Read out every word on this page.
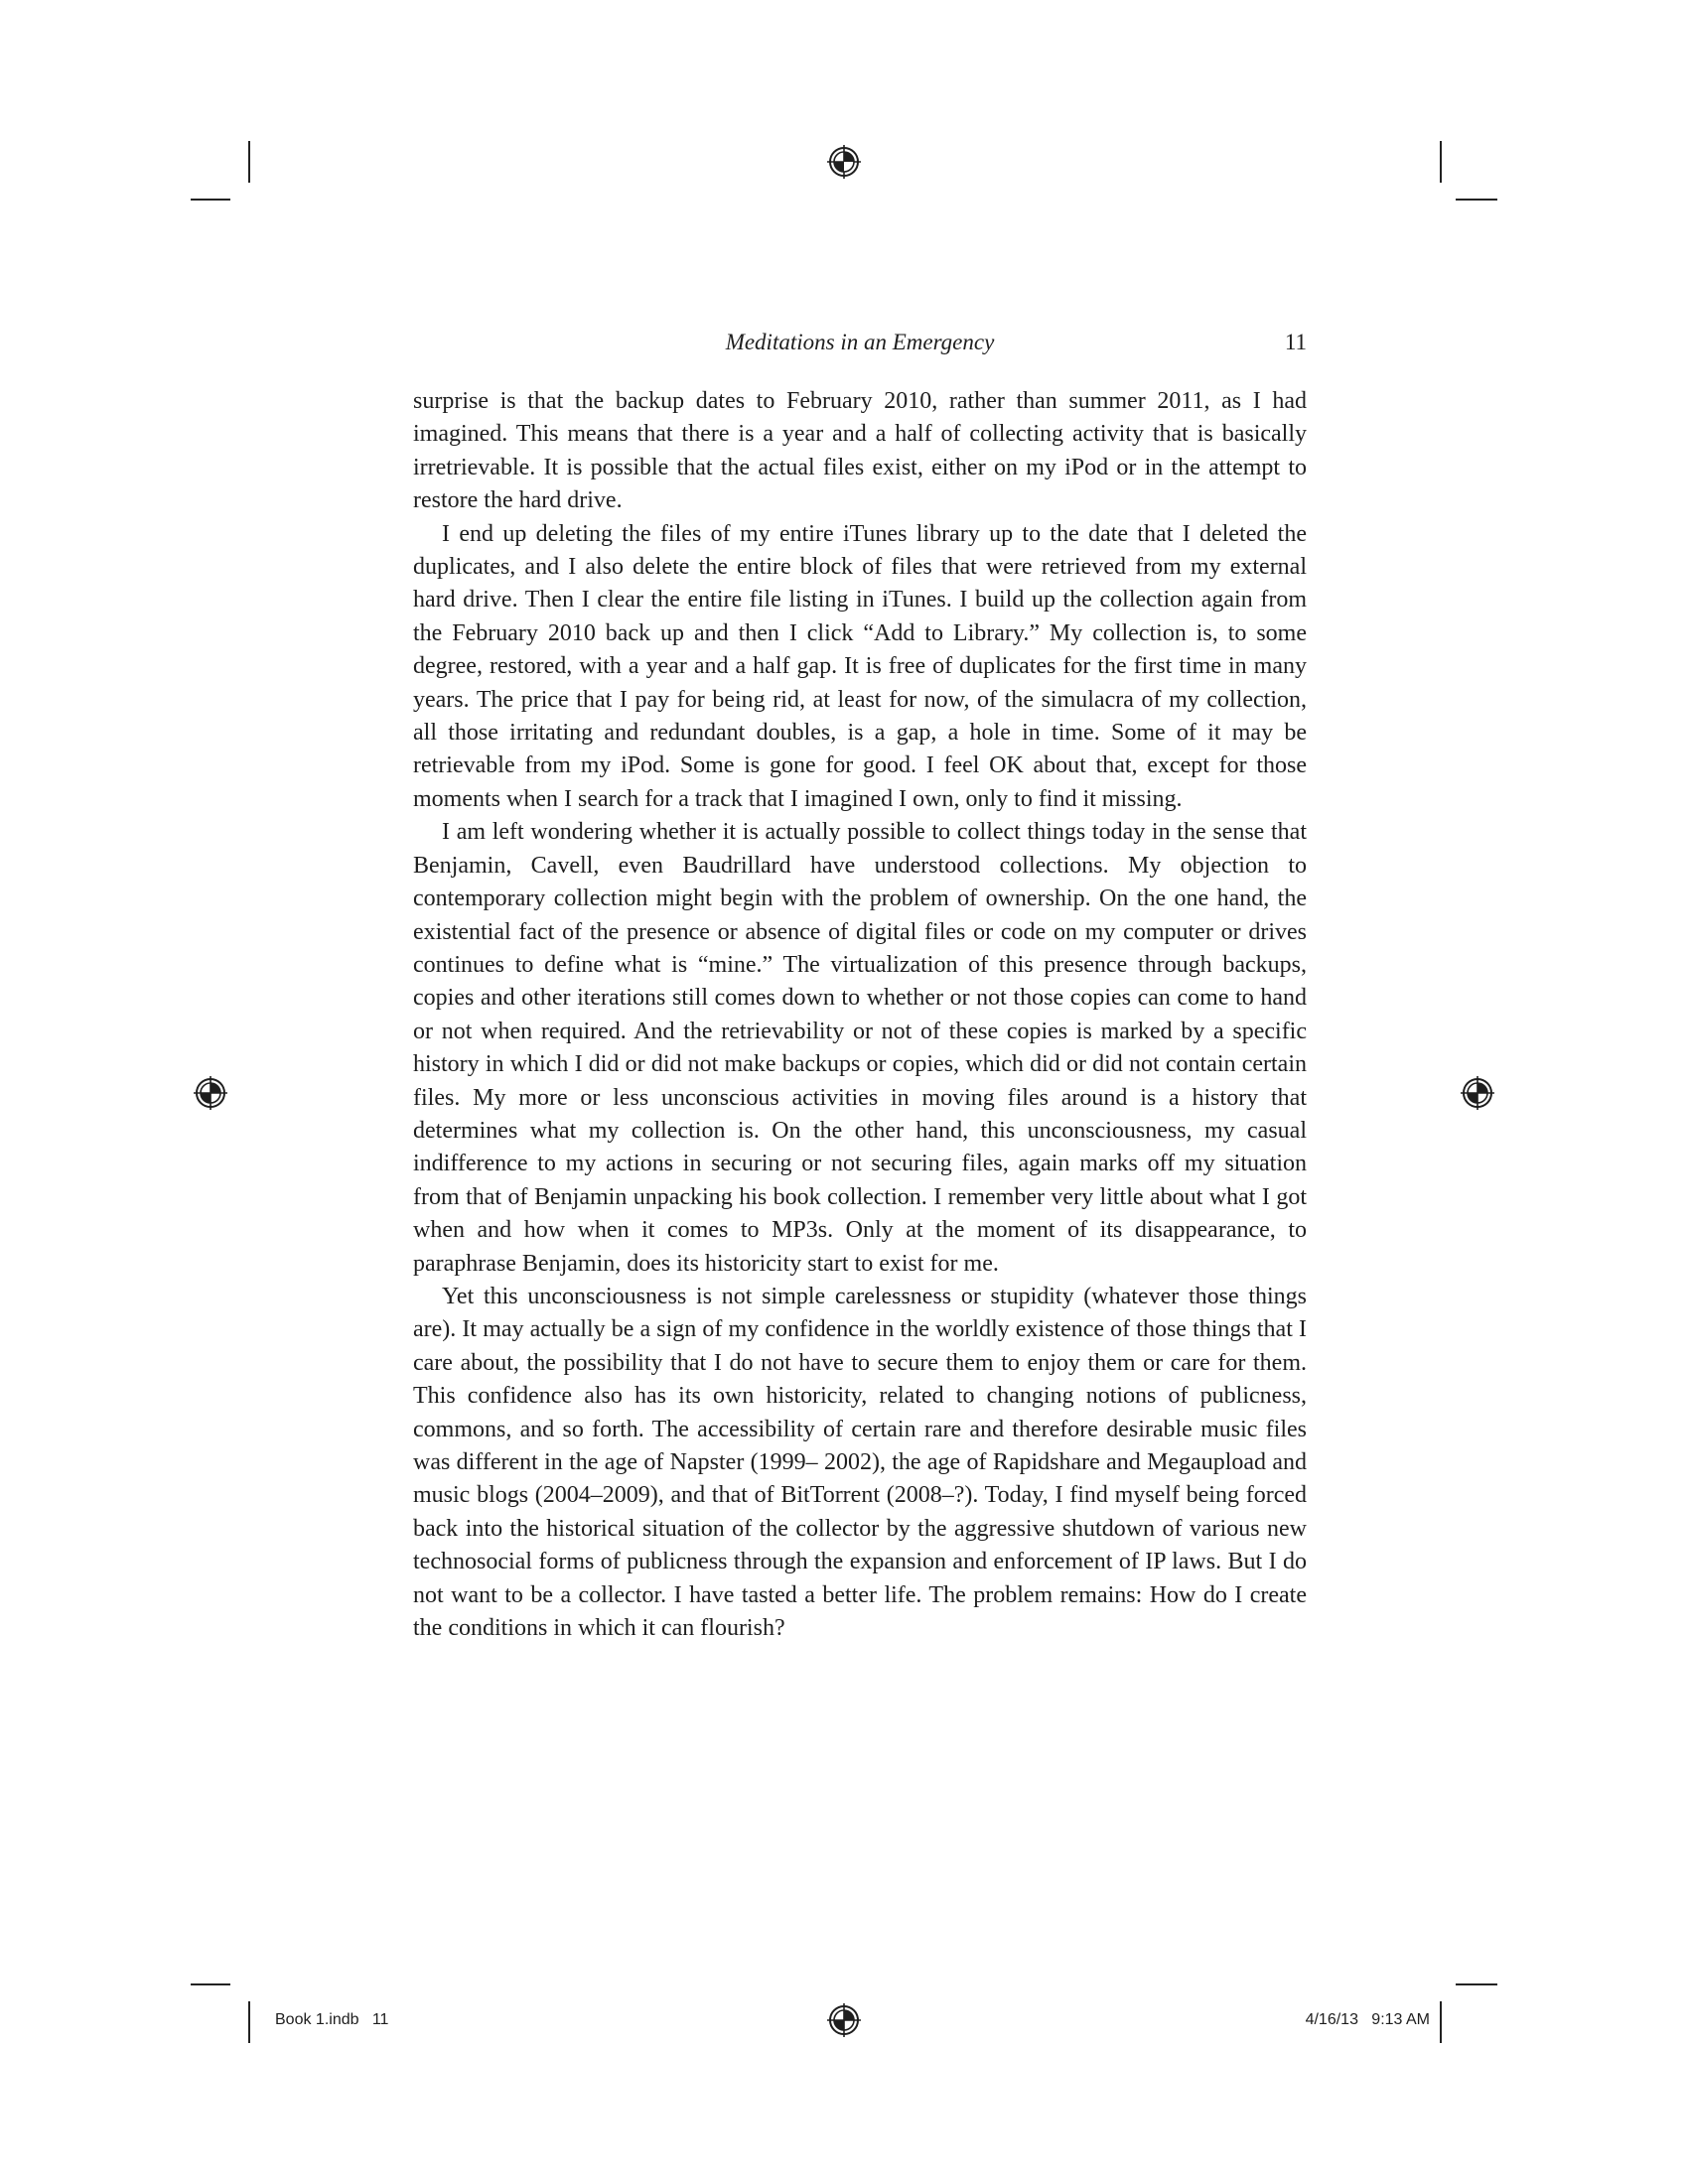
Meditations in an Emergency	11

surprise is that the backup dates to February 2010, rather than summer 2011, as I had imagined. This means that there is a year and a half of collecting activity that is basically irretrievable. It is possible that the actual files exist, either on my iPod or in the attempt to restore the hard drive.

I end up deleting the files of my entire iTunes library up to the date that I deleted the duplicates, and I also delete the entire block of files that were retrieved from my external hard drive. Then I clear the entire file listing in iTunes. I build up the collection again from the February 2010 back up and then I click “Add to Library.” My collection is, to some degree, restored, with a year and a half gap. It is free of duplicates for the first time in many years. The price that I pay for being rid, at least for now, of the simulacra of my collection, all those irritating and redundant doubles, is a gap, a hole in time. Some of it may be retrievable from my iPod. Some is gone for good. I feel OK about that, except for those moments when I search for a track that I imagined I own, only to find it missing.

I am left wondering whether it is actually possible to collect things today in the sense that Benjamin, Cavell, even Baudrillard have understood collections. My objection to contemporary collection might begin with the problem of ownership. On the one hand, the existential fact of the presence or absence of digital files or code on my computer or drives continues to define what is “mine.” The virtualization of this presence through backups, copies and other iterations still comes down to whether or not those copies can come to hand or not when required. And the retrievability or not of these copies is marked by a specific history in which I did or did not make backups or copies, which did or did not contain certain files. My more or less unconscious activities in moving files around is a history that determines what my collection is. On the other hand, this unconsciousness, my casual indifference to my actions in securing or not securing files, again marks off my situation from that of Benjamin unpacking his book collection. I remember very little about what I got when and how when it comes to MP3s. Only at the moment of its disappearance, to paraphrase Benjamin, does its historicity start to exist for me.

Yet this unconsciousness is not simple carelessness or stupidity (whatever those things are). It may actually be a sign of my confidence in the worldly existence of those things that I care about, the possibility that I do not have to secure them to enjoy them or care for them. This confidence also has its own historicity, related to changing notions of publicness, commons, and so forth. The accessibility of certain rare and therefore desirable music files was different in the age of Napster (1999– 2002), the age of Rapidshare and Megaupload and music blogs (2004–2009), and that of BitTorrent (2008–?). Today, I find myself being forced back into the historical situation of the collector by the aggressive shutdown of various new technosocial forms of publicness through the expansion and enforcement of IP laws. But I do not want to be a collector. I have tasted a better life. The problem remains: How do I create the conditions in which it can flourish?

Book 1.indb   11	4/16/13   9:13 AM
